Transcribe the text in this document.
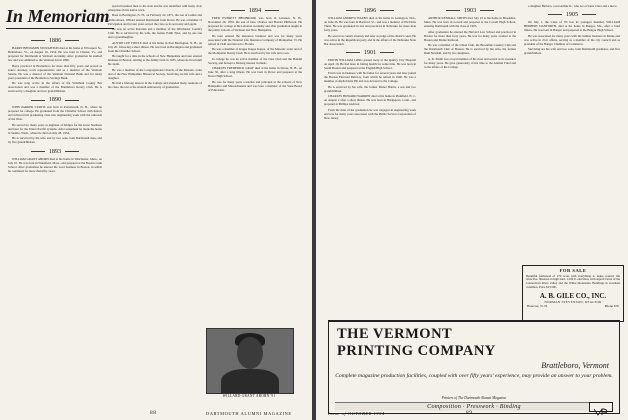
In Memoriam
1886

HARRY BENJAMIN STOUGHTON died at his home at 8 Prospect St., Brattleboro, Vt., on August 16, 1954. He was born in Chester, Vt., and prepared for Dartmouth at Vermont Academy. After graduation he studied law and was admitted to the Vermont bar in 1890.

Harry practiced in Brattleboro for more than fifty years and served as state's attorney, town representative and as a member of the Vermont Senate. He was a director of the Vermont National Bank and for many years president of the Brattleboro Savings Bank.

He was long active in the affairs of the Windham County Bar Association and was a member of the Brattleboro Rotary Club. He is survived by a daughter and two grandchildren.

1890

JOHN PARKER CURTIS was born in Portsmouth, N. H., where he prepared for college. He graduated from the Chandler School with honors and followed his graduating class into engineering work with the railroads of the West.

He served for many years as engineer of bridges for the Great Northern and later for the Union Pacific systems. After retirement he made his home in Seattle, Wash., where he died on July 28, 1954.

He is survived by his wife and by two sons, both Dartmouth men, and by five grandchildren.

1893

WILLIAM GRANT ABORN died at his home in Winchester, Mass., on July 10. He was born in Wakefield, Mass., and prepared at the Boston Latin School. After graduation he entered the wool business in Boston, in which he continued for more than fifty years.

special business men to the state and he was identified with many civic enterprises in his native town.

Born in Barrington, N. H., on February 22, 1871, the son of Luther and Abbie Aborn, Willard entered Dartmouth from Dover. He was a member of Psi Upsilon and in later years served the class as its secretary and agent.

He was an active Rotarian and a member of the Winchester Country Club. He is survived by his wife, the former Edith Tyler, and by one son and a granddaughter.

AUSTIN LEE FOWLE died at his home in East Barrington, N. H., on July 20, following a short illness. He was born in Barrington and graduated from the Chandler School.

He taught for a time in the schools of New Hampshire and later entered business in Boston, retiring to the family farm in 1935, where he lived until his death.

He was a member of the Congregational Church, of the Masonic order and of the New Hampshire Historical Society. Surviving are his wife and a daughter.

He had a lifelong interest in the College and attended many reunions of his class, the last at the sixtieth anniversary of graduation.

1894

FRED EVERETT PHILBROOK was born in Lebanon, N. H., November 29, 1870, the son of Dea. Charles and Harriet Philbrook. He prepared for college at the Lebanon Academy and after graduation taught in the public schools of Vermont and New Hampshire.

He later entered the insurance business and was for many years associated with the National Life Insurance Company of Montpelier, Vt. He retired in 1940 and moved to Florida.

He was a member of Kappa Kappa Kappa, of the Masonic order and of the Montpelier Rotary Club. He is survived by his wife and a son.

In college he was an active member of the Glee Club and the Handel Society, and he kept a lifelong interest in music.

CHARLES FREDERICK GRAY died at his home in Dover, N. H., on June 30, after a long illness. He was born in Dover and prepared at the Dover High School.

He was for many years a teacher and principal in the schools of New Hampshire and Massachusetts and was later a member of the State Board of Education.

WILLARD GRANT ABORN '91
88	DARTMOUTH ALUMNI MAGAZINE
1896

WILLIAM ANDREW HAZEN died at his home in Lexington, Neb., on June 26. He was born in Hartford, Vt., and was a member of Phi Delta Theta. He was graduated in law and practiced in Nebraska for more than forty years.

He served as county attorney and later as judge of the district court. He was active in the Republican party and in the affairs of the Nebraska State Bar Association.

1901

ERWIN WILLIAM LONG passed away at the Quincy City Hospital on April 10. He had been in failing health for some time. He was born in South Boston and prepared at the English High School.

Erwin was in business with his father for several years and later joined the Boston Elevated Railway, from which he retired in 1946. He was a member of Alpha Delta Phi and was devoted to the College.

He is survived by his wife, the former Mabel Hobbs, a son and two grandchildren.

CHARLES HOWARD WARREN died at his home in Plainfield, N. J., on August 2 after a short illness. He was born in Bridgeport, Conn., and prepared at Phillips Andover.

From the time of his graduation he was engaged in engineering work and was for many years associated with the Public Service Corporation of New Jersey.

1903

ARTHUR KENDALL SMITH died July 23 at his home in Brookline, Mass. He was born in Lowell and prepared at the Lowell High School, entering Dartmouth with the class of 1903.

After graduation he entered the Harvard Law School and practiced in Boston for more than forty years. He was for many years counsel to the Boston and Maine Railroad.

He was a member of the Union Club, the Brookline Country Club and the Dartmouth Club of Boston. He is survived by his wife, the former Ruth Newhall, and by two daughters.

A. K. Smith was a loyal member of his class and served as its treasurer for many years. He gave generously of his time to the Alumni Fund and to the affairs of the College.

a daughter Barbara, a son Arthur K., who are at Santa Clara and a niece.

1905

On July 1, the Class of '05 lost its youngest member, WILLIAM HERBERT DANFORTH, died at his home in Bangor, Me., after a brief illness. He was born in Bangor and prepared at the Bangor High School.

He was associated for many years with the lumber business in Maine and was active in civic affairs, serving as a member of the city council and as president of the Bangor Chamber of Commerce.

Surviving are his wife and two sons, both Dartmouth graduates, and five grandchildren.

FOR SALE
Beautiful farmstead of 279 acres with everything to make country life attractive. Situated on high land, 1,500 ft. elevation, with superb views of the Connecticut River valley and the White Mountains. Buildings in excellent condition. Price $23,500.
A. B. GILE CO., INC.
NORMAN STEVENSON, REALTOR
Hanover, N. H.	Phone 670
THE VERMONT
PRINTING COMPANY
Brattleboro, Vermont
Complete magazine production facilities, coupled with over fifty years' experience, may provide an answer to your problem.
Printers of The Dartmouth Alumni Magazine
Composition · Presswork · Binding
89
Issue of OCTOBER 1954
